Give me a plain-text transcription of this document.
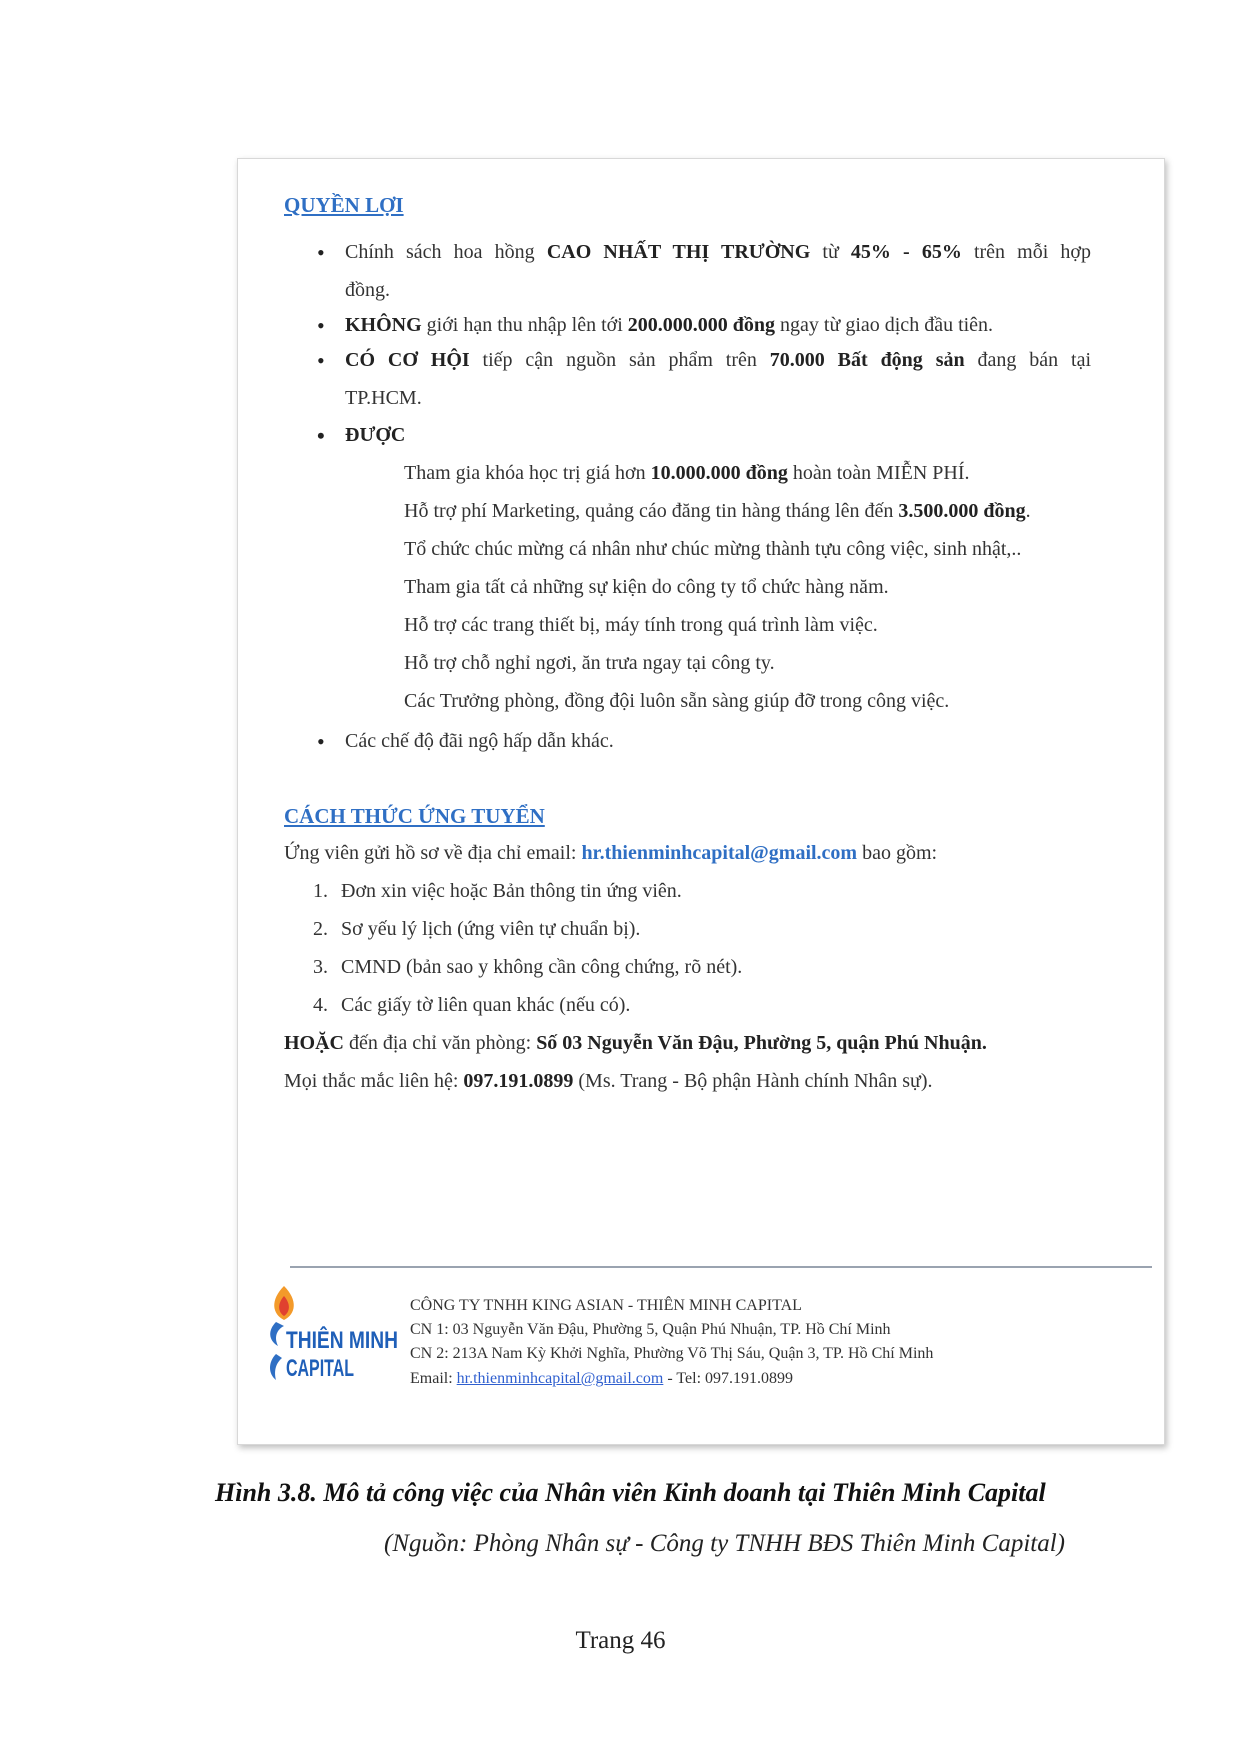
QUYỀN LỢI
• Chính sách hoa hồng CAO NHẤT THỊ TRƯỜNG từ 45% - 65% trên mỗi hợp
đồng.
• KHÔNG giới hạn thu nhập lên tới 200.000.000 đồng ngay từ giao dịch đầu tiên.
• CÓ CƠ HỘI tiếp cận nguồn sản phẩm trên 70.000 Bất động sản đang bán tại
TP.HCM.
• ĐƯỢC
Tham gia khóa học trị giá hơn 10.000.000 đồng hoàn toàn MIỄN PHÍ.
Hỗ trợ phí Marketing, quảng cáo đăng tin hàng tháng lên đến 3.500.000 đồng.
Tổ chức chúc mừng cá nhân như chúc mừng thành tựu công việc, sinh nhật,..
Tham gia tất cả những sự kiện do công ty tổ chức hàng năm.
Hỗ trợ các trang thiết bị, máy tính trong quá trình làm việc.
Hỗ trợ chỗ nghỉ ngơi, ăn trưa ngay tại công ty.
Các Trưởng phòng, đồng đội luôn sẵn sàng giúp đỡ trong công việc.
• Các chế độ đãi ngộ hấp dẫn khác.
CÁCH THỨC ỨNG TUYỂN
Ứng viên gửi hồ sơ về địa chỉ email: hr.thienminhcapital@gmail.com bao gồm:
1. Đơn xin việc hoặc Bản thông tin ứng viên.
2. Sơ yếu lý lịch (ứng viên tự chuẩn bị).
3. CMND (bản sao y không cần công chứng, rõ nét).
4. Các giấy tờ liên quan khác (nếu có).
HOẶC đến địa chỉ văn phòng: Số 03 Nguyễn Văn Đậu, Phường 5, quận Phú Nhuận.
Mọi thắc mắc liên hệ: 097.191.0899 (Ms. Trang - Bộ phận Hành chính Nhân sự).
THIÊN MINH
CAPITAL
CÔNG TY TNHH KING ASIAN - THIÊN MINH CAPITAL
CN 1: 03 Nguyễn Văn Đậu, Phường 5, Quận Phú Nhuận, TP. Hồ Chí Minh
CN 2: 213A Nam Kỳ Khởi Nghĩa, Phường Võ Thị Sáu, Quận 3, TP. Hồ Chí Minh
Email: hr.thienminhcapital@gmail.com - Tel: 097.191.0899
Hình 3.8. Mô tả công việc của Nhân viên Kinh doanh tại Thiên Minh Capital
(Nguồn: Phòng Nhân sự - Công ty TNHH BĐS Thiên Minh Capital)
Trang 46
